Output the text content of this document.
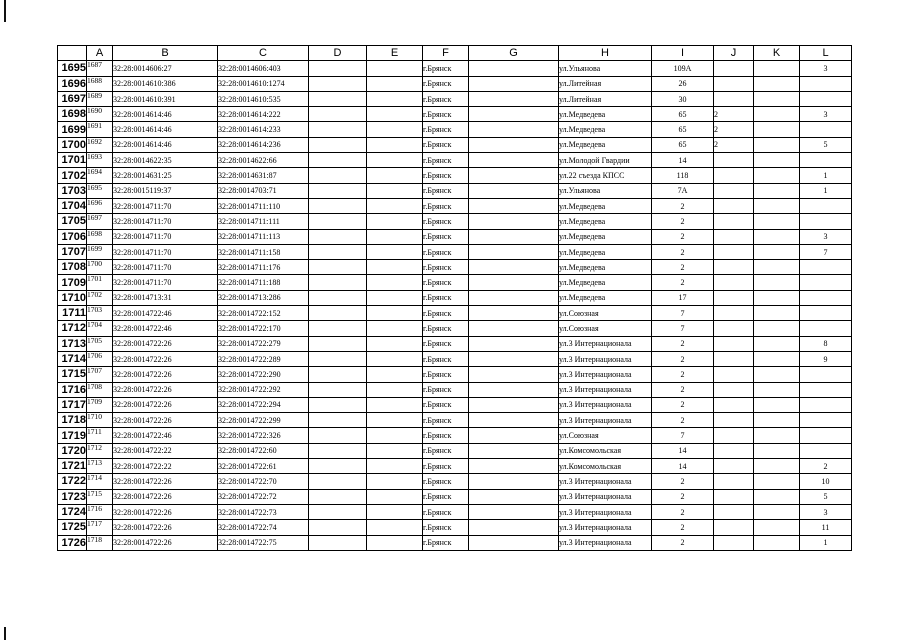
	A	B	C	D	E	F	G	H	I	J	K	L
1695	1687	32:28:0014606:27	32:28:0014606:403			г.Брянск		ул.Ульянова	109А			3
1696	1688	32:28:0014610:386	32:28:0014610:1274			г.Брянск		ул.Литейная	26			
1697	1689	32:28:0014610:391	32:28:0014610:535			г.Брянск		ул.Литейная	30			
1698	1690	32:28:0014614:46	32:28:0014614:222			г.Брянск		ул.Медведева	65	2		3
1699	1691	32:28:0014614:46	32:28:0014614:233			г.Брянск		ул.Медведева	65	2		
1700	1692	32:28:0014614:46	32:28:0014614:236			г.Брянск		ул.Медведева	65	2		5
1701	1693	32:28:0014622:35	32:28:0014622:66			г.Брянск		ул.Молодой Гвардии	14			
1702	1694	32:28:0014631:25	32:28:0014631:87			г.Брянск		ул.22 съезда КПСС	118			1
1703	1695	32:28:0015119:37	32:28:0014703:71			г.Брянск		ул.Ульянова	7А			1
1704	1696	32:28:0014711:70	32:28:0014711:110			г.Брянск		ул.Медведева	2			
1705	1697	32:28:0014711:70	32:28:0014711:111			г.Брянск		ул.Медведева	2			
1706	1698	32:28:0014711:70	32:28:0014711:113			г.Брянск		ул.Медведева	2			3
1707	1699	32:28:0014711:70	32:28:0014711:158			г.Брянск		ул.Медведева	2			7
1708	1700	32:28:0014711:70	32:28:0014711:176			г.Брянск		ул.Медведева	2			
1709	1701	32:28:0014711:70	32:28:0014711:188			г.Брянск		ул.Медведева	2			
1710	1702	32:28:0014713:31	32:28:0014713:286			г.Брянск		ул.Медведева	17			
1711	1703	32:28:0014722:46	32:28:0014722:152			г.Брянск		ул.Союзная	7			
1712	1704	32:28:0014722:46	32:28:0014722:170			г.Брянск		ул.Союзная	7			
1713	1705	32:28:0014722:26	32:28:0014722:279			г.Брянск		ул.3 Интернационала	2			8
1714	1706	32:28:0014722:26	32:28:0014722:289			г.Брянск		ул.3 Интернационала	2			9
1715	1707	32:28:0014722:26	32:28:0014722:290			г.Брянск		ул.3 Интернационала	2			
1716	1708	32:28:0014722:26	32:28:0014722:292			г.Брянск		ул.3 Интернационала	2			
1717	1709	32:28:0014722:26	32:28:0014722:294			г.Брянск		ул.3 Интернационала	2			
1718	1710	32:28:0014722:26	32:28:0014722:299			г.Брянск		ул.3 Интернационала	2			
1719	1711	32:28:0014722:46	32:28:0014722:326			г.Брянск		ул.Союзная	7			
1720	1712	32:28:0014722:22	32:28:0014722:60			г.Брянск		ул.Комсомольская	14			
1721	1713	32:28:0014722:22	32:28:0014722:61			г.Брянск		ул.Комсомольская	14			2
1722	1714	32:28:0014722:26	32:28:0014722:70			г.Брянск		ул.3 Интернационала	2			10
1723	1715	32:28:0014722:26	32:28:0014722:72			г.Брянск		ул.3 Интернационала	2			5
1724	1716	32:28:0014722:26	32:28:0014722:73			г.Брянск		ул.3 Интернационала	2			3
1725	1717	32:28:0014722:26	32:28:0014722:74			г.Брянск		ул.3 Интернационала	2			11
1726	1718	32:28:0014722:26	32:28:0014722:75			г.Брянск		ул.3 Интернационала	2			1
